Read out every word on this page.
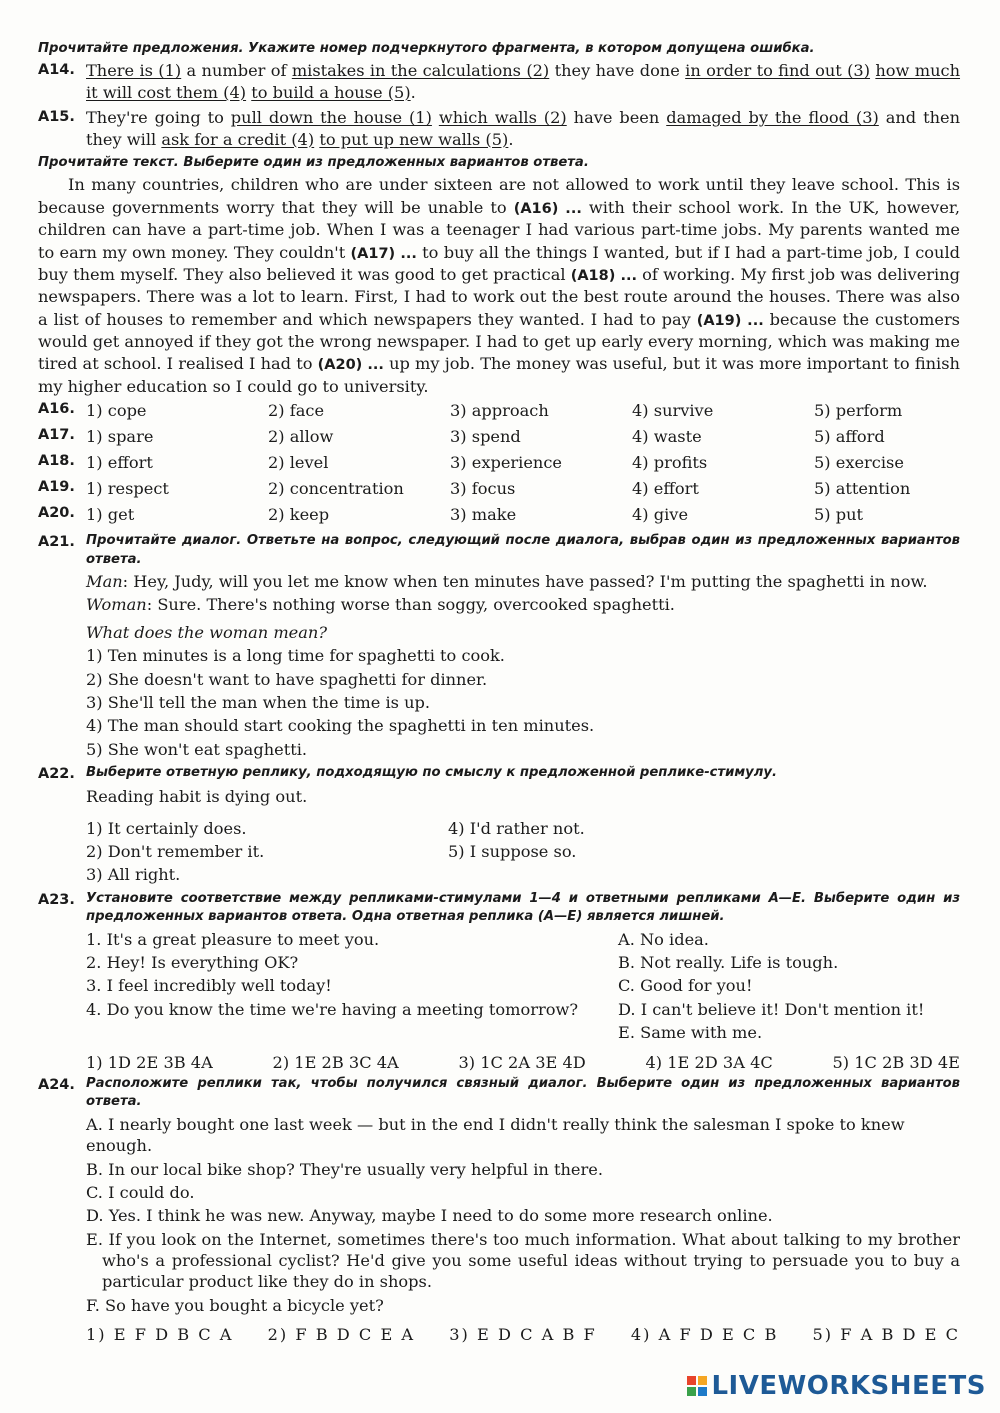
Прочитайте предложения. Укажите номер подчеркнутого фрагмента, в котором допущена ошибка.
A14. There is (1) a number of mistakes in the calculations (2) they have done in order to find out (3) how much it will cost them (4) to build a house (5).
A15. They're going to pull down the house (1) which walls (2) have been damaged by the flood (3) and then they will ask for a credit (4) to put up new walls (5).
Прочитайте текст. Выберите один из предложенных вариантов ответа.
In many countries, children who are under sixteen are not allowed to work until they leave school. This is because governments worry that they will be unable to (A16) ... with their school work. In the UK, however, children can have a part-time job. When I was a teenager I had various part-time jobs. My parents wanted me to earn my own money. They couldn't (A17) ... to buy all the things I wanted, but if I had a part-time job, I could buy them myself. They also believed it was good to get practical (A18) ... of working. My first job was delivering newspapers. There was a lot to learn. First, I had to work out the best route around the houses. There was also a list of houses to remember and which newspapers they wanted. I had to pay (A19) ... because the customers would get annoyed if they got the wrong newspaper. I had to get up early every morning, which was making me tired at school. I realised I had to (A20) ... up my job. The money was useful, but it was more important to finish my higher education so I could go to university.
A16.	1) cope	2) face	3) approach	4) survive	5) perform
A17.	1) spare	2) allow	3) spend	4) waste	5) afford
A18.	1) effort	2) level	3) experience	4) profits	5) exercise
A19.	1) respect	2) concentration	3) focus	4) effort	5) attention
A20.	1) get	2) keep	3) make	4) give	5) put
A21. Прочитайте диалог. Ответьте на вопрос, следующий после диалога, выбрав один из предложенных вариантов ответа.
Man: Hey, Judy, will you let me know when ten minutes have passed? I'm putting the spaghetti in now.
Woman: Sure. There's nothing worse than soggy, overcooked spaghetti.
What does the woman mean?
1) Ten minutes is a long time for spaghetti to cook.
2) She doesn't want to have spaghetti for dinner.
3) She'll tell the man when the time is up.
4) The man should start cooking the spaghetti in ten minutes.
5) She won't eat spaghetti.
A22. Выберите ответную реплику, подходящую по смыслу к предложенной реплике-стимулу.
Reading habit is dying out.
1) It certainly does.
2) Don't remember it.
3) All right.
4) I'd rather not.
5) I suppose so.
A23. Установите соответствие между репликами-стимулами 1—4 и ответными репликами А—Е. Выберите один из предложенных вариантов ответа. Одна ответная реплика (А—Е) является лишней.
1. It's a great pleasure to meet you.
2. Hey! Is everything OK?
3. I feel incredibly well today!
4. Do you know the time we're having a meeting tomorrow?
A. No idea.
B. Not really. Life is tough.
C. Good for you!
D. I can't believe it! Don't mention it!
E. Same with me.
1) 1D 2E 3B 4A	2) 1E 2B 3C 4A	3) 1C 2A 3E 4D	4) 1E 2D 3A 4C	5) 1C 2B 3D 4E
A24. Расположите реплики так, чтобы получился связный диалог. Выберите один из предложенных вариантов ответа.
A. I nearly bought one last week — but in the end I didn't really think the salesman I spoke to knew enough.
B. In our local bike shop? They're usually very helpful in there.
C. I could do.
D. Yes. I think he was new. Anyway, maybe I need to do some more research online.
E. If you look on the Internet, sometimes there's too much information. What about talking to my brother who's a professional cyclist? He'd give you some useful ideas without trying to persuade you to buy a particular product like they do in shops.
F. So have you bought a bicycle yet?
1) E F D B C A 2) F B D C E A 3) E D C A B F 4) A F D E C B 5) F A B D E C
LIVEWORKSHEETS
